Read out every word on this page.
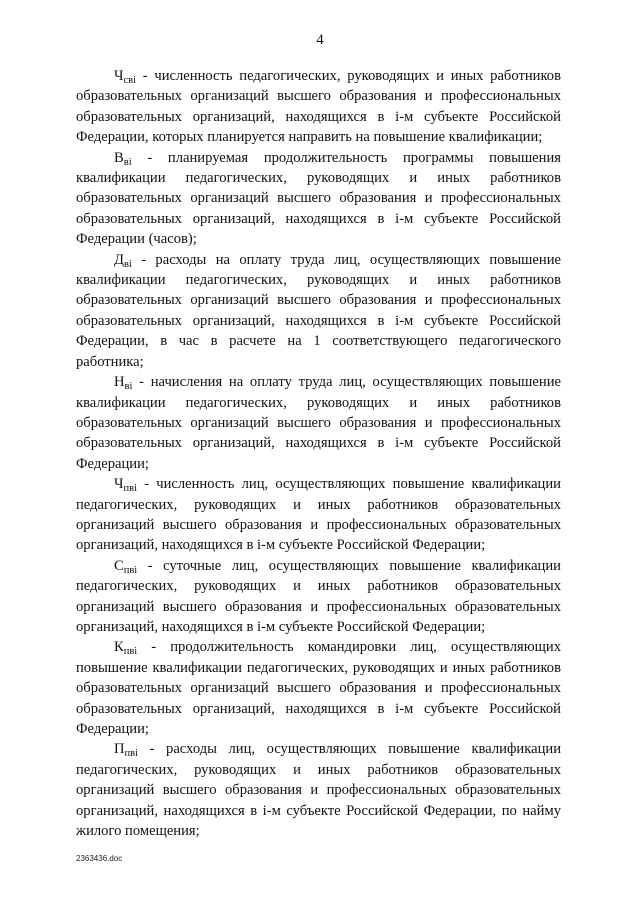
4

$Ч_{свi}$ - численность педагогических, руководящих и иных работников образовательных организаций высшего образования и профессиональных образовательных организаций, находящихся в i-м субъекте Российской Федерации, которых планируется направить на повышение квалификации;

$В_{вi}$ - планируемая продолжительность программы повышения квалификации педагогических, руководящих и иных работников образовательных организаций высшего образования и профессиональных образовательных организаций, находящихся в i-м субъекте Российской Федерации (часов);

$Д_{вi}$ - расходы на оплату труда лиц, осуществляющих повышение квалификации педагогических, руководящих и иных работников образовательных организаций высшего образования и профессиональных образовательных организаций, находящихся в i-м субъекте Российской Федерации, в час в расчете на 1 соответствующего педагогического работника;

$Н_{вi}$ - начисления на оплату труда лиц, осуществляющих повышение квалификации педагогических, руководящих и иных работников образовательных организаций высшего образования и профессиональных образовательных организаций, находящихся в i-м субъекте Российской Федерации;

$Ч_{пвi}$ - численность лиц, осуществляющих повышение квалификации педагогических, руководящих и иных работников образовательных организаций высшего образования и профессиональных образовательных организаций, находящихся в i-м субъекте Российской Федерации;

$С_{пвi}$ - суточные лиц, осуществляющих повышение квалификации педагогических, руководящих и иных работников образовательных организаций высшего образования и профессиональных образовательных организаций, находящихся в i-м субъекте Российской Федерации;

$К_{пвi}$ - продолжительность командировки лиц, осуществляющих повышение квалификации педагогических, руководящих и иных работников образовательных организаций высшего образования и профессиональных образовательных организаций, находящихся в i-м субъекте Российской Федерации;

$П_{пвi}$ - расходы лиц, осуществляющих повышение квалификации педагогических, руководящих и иных работников образовательных организаций высшего образования и профессиональных образовательных организаций, находящихся в i-м субъекте Российской Федерации, по найму жилого помещения;

2363436.doc
